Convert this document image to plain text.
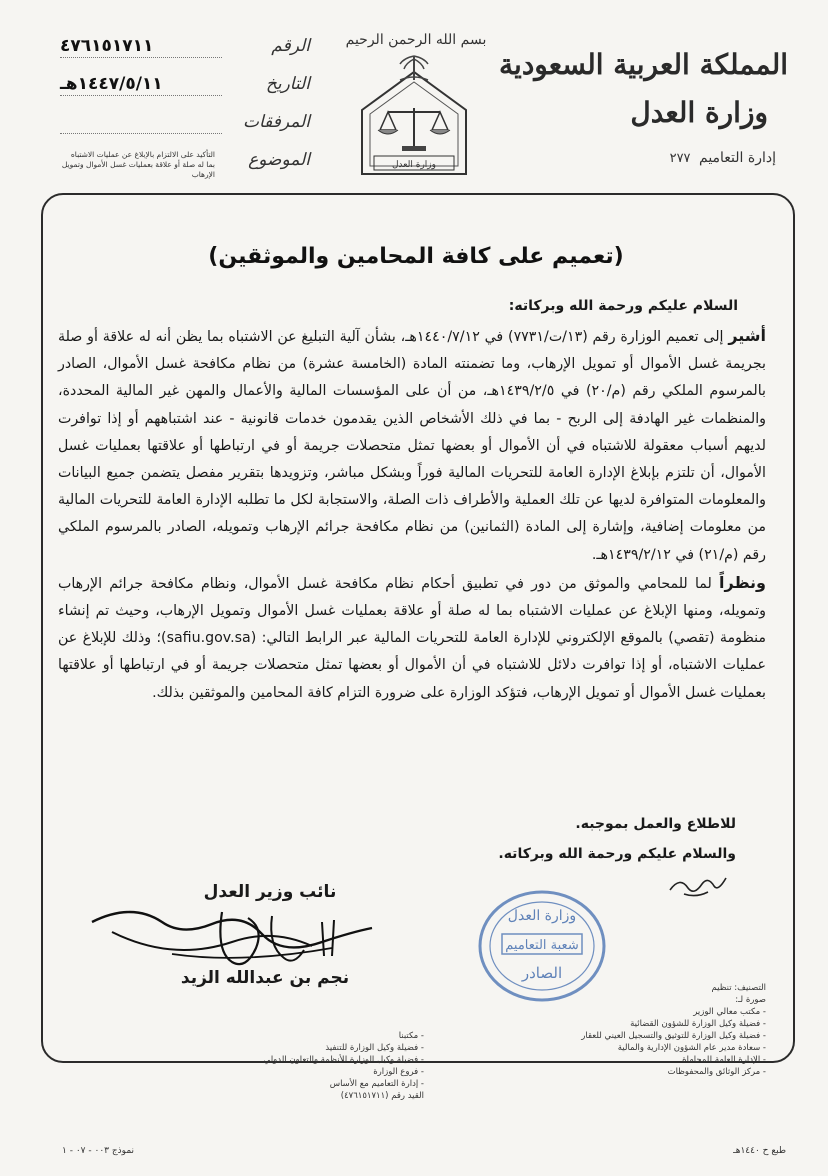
بسم الله الرحمن الرحيم
وزارة العدل
المملكة العربية السعودية
وزارة العدل
إدارة التعاميم ٢٧٧
الرقم
٤٧٦١٥١٧١١
التاريخ
١٤٤٧/٥/١١هـ
المرفقات
الموضوع
التأكيد على الالتزام بالإبلاغ عن عمليات الاشتباه بما له صلة أو علاقة بعمليات غسل الأموال وتمويل الإرهاب
(تعميم على كافة المحامين والموثقين)
السلام عليكم ورحمة الله وبركاته:

أشير إلى تعميم الوزارة رقم (١٣/ت/٧٧٣١) في ١٤٤٠/٧/١٢هـ، بشأن آلية التبليغ عن الاشتباه بما يظن أنه له علاقة أو صلة بجريمة غسل الأموال أو تمويل الإرهاب، وما تضمنته المادة (الخامسة عشرة) من نظام مكافحة غسل الأموال، الصادر بالمرسوم الملكي رقم (م/٢٠) في ١٤٣٩/٢/٥هـ، من أن على المؤسسات المالية والأعمال والمهن غير المالية المحددة، والمنظمات غير الهادفة إلى الربح - بما في ذلك الأشخاص الذين يقدمون خدمات قانونية - عند اشتباههم أو إذا توافرت لديهم أسباب معقولة للاشتباه في أن الأموال أو بعضها تمثل متحصلات جريمة أو في ارتباطها أو علاقتها بعمليات غسل الأموال، أن تلتزم بإبلاغ الإدارة العامة للتحريات المالية فوراً وبشكل مباشر، وتزويدها بتقرير مفصل يتضمن جميع البيانات والمعلومات المتوافرة لديها عن تلك العملية والأطراف ذات الصلة، والاستجابة لكل ما تطلبه الإدارة العامة للتحريات المالية من معلومات إضافية، وإشارة إلى المادة (الثمانين) من نظام مكافحة جرائم الإرهاب وتمويله، الصادر بالمرسوم الملكي رقم (م/٢١) في ١٤٣٩/٢/١٢هـ.

ونظراً لما للمحامي والموثق من دور في تطبيق أحكام نظام مكافحة غسل الأموال، ونظام مكافحة جرائم الإرهاب وتمويله، ومنها الإبلاغ عن عمليات الاشتباه بما له صلة أو علاقة بعمليات غسل الأموال وتمويل الإرهاب، وحيث تم إنشاء منظومة (تقصي) بالموقع الإلكتروني للإدارة العامة للتحريات المالية عبر الرابط التالي: (safiu.gov.sa)؛ وذلك للإبلاغ عن عمليات الاشتباه، أو إذا توافرت دلائل للاشتباه في أن الأموال أو بعضها تمثل متحصلات جريمة أو في ارتباطها أو علاقتها بعمليات غسل الأموال أو تمويل الإرهاب، فتؤكد الوزارة على ضرورة التزام كافة المحامين والموثقين بذلك.

للاطلاع والعمل بموجبه.
والسلام عليكم ورحمة الله وبركاته.
نائب وزير العدل
نجم بن عبدالله الزيد
وزارة العدل
شعبة التعاميم
الصادر
التصنيف: تنظيم
صورة لـ:
- مكتب معالي الوزير
- فضيلة وكيل الوزارة للشؤون القضائية
- فضيلة وكيل الوزارة للتوثيق والتسجيل العيني للعقار
- سعادة مدير عام الشؤون الإدارية والمالية
- الإدارة العامة للمحاماة
- مركز الوثائق والمحفوظات
- مكتبنا
- فضيلة وكيل الوزارة للتنفيذ
- فضيلة وكيل الوزارة للأنظمة والتعاون الدولي
- فروع الوزارة
- إدارة التعاميم مع الأساس
القيد رقم (٤٧٦١٥١٧١١)
طبع ح ١٤٤٠هـ
نموذج ٠٠٣ - ٠٧ - ١
